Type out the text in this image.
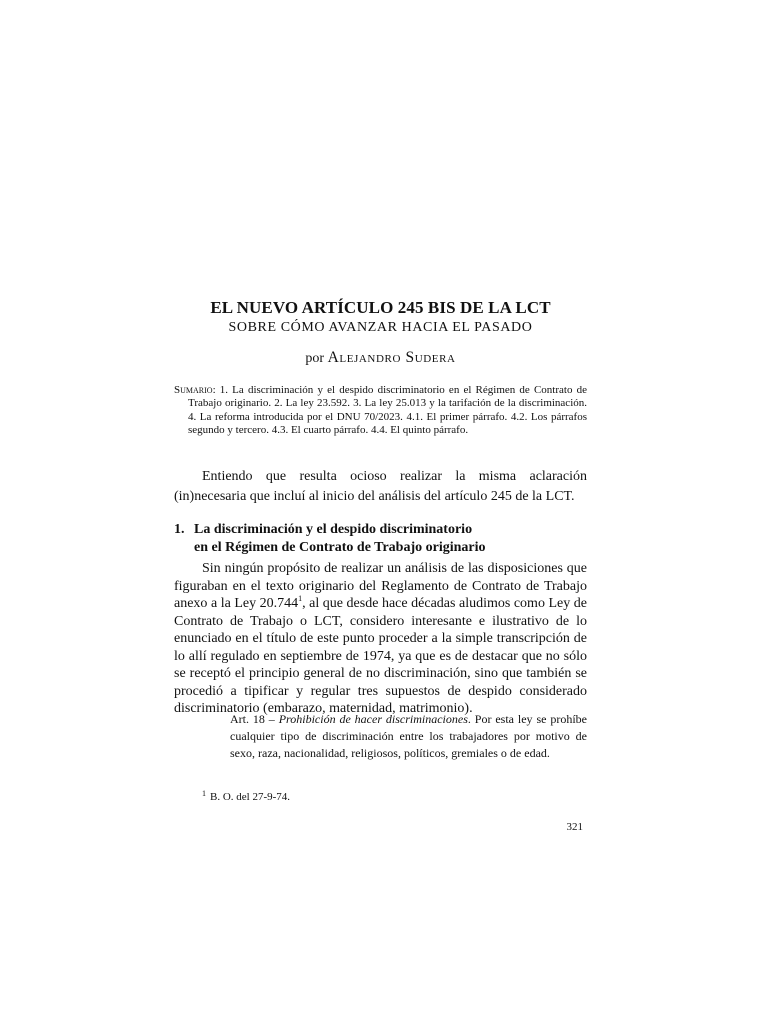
EL NUEVO ARTÍCULO 245 BIS DE LA LCT
SOBRE CÓMO AVANZAR HACIA EL PASADO
por Alejandro Sudera
Sumario: 1. La discriminación y el despido discriminatorio en el Régimen de Contrato de Trabajo originario. 2. La ley 23.592. 3. La ley 25.013 y la tarifación de la discriminación. 4. La reforma introducida por el DNU 70/2023. 4.1. El primer párrafo. 4.2. Los párrafos segundo y tercero. 4.3. El cuarto párrafo. 4.4. El quinto párrafo.

Entiendo que resulta ocioso realizar la misma aclaración (in)necesaria que incluí al inicio del análisis del artículo 245 de la LCT.

1. La discriminación y el despido discriminatorio
en el Régimen de Contrato de Trabajo originario

Sin ningún propósito de realizar un análisis de las disposiciones que figuraban en el texto originario del Reglamento de Contrato de Trabajo anexo a la Ley 20.744$^1$, al que desde hace décadas aludimos como Ley de Contrato de Trabajo o LCT, considero interesante e ilustrativo de lo enunciado en el título de este punto proceder a la simple transcripción de lo allí regulado en septiembre de 1974, ya que es de destacar que no sólo se receptó el principio general de no discriminación, sino que también se procedió a tipificar y regular tres supuestos de despido considerado discriminatorio (embarazo, maternidad, matrimonio).

Art. 18 – Prohibición de hacer discriminaciones. Por esta ley se prohíbe cualquier tipo de discriminación entre los trabajadores por motivo de sexo, raza, nacionalidad, religiosos, políticos, gremiales o de edad.

$^1$ B. O. del 27-9-74.
321
